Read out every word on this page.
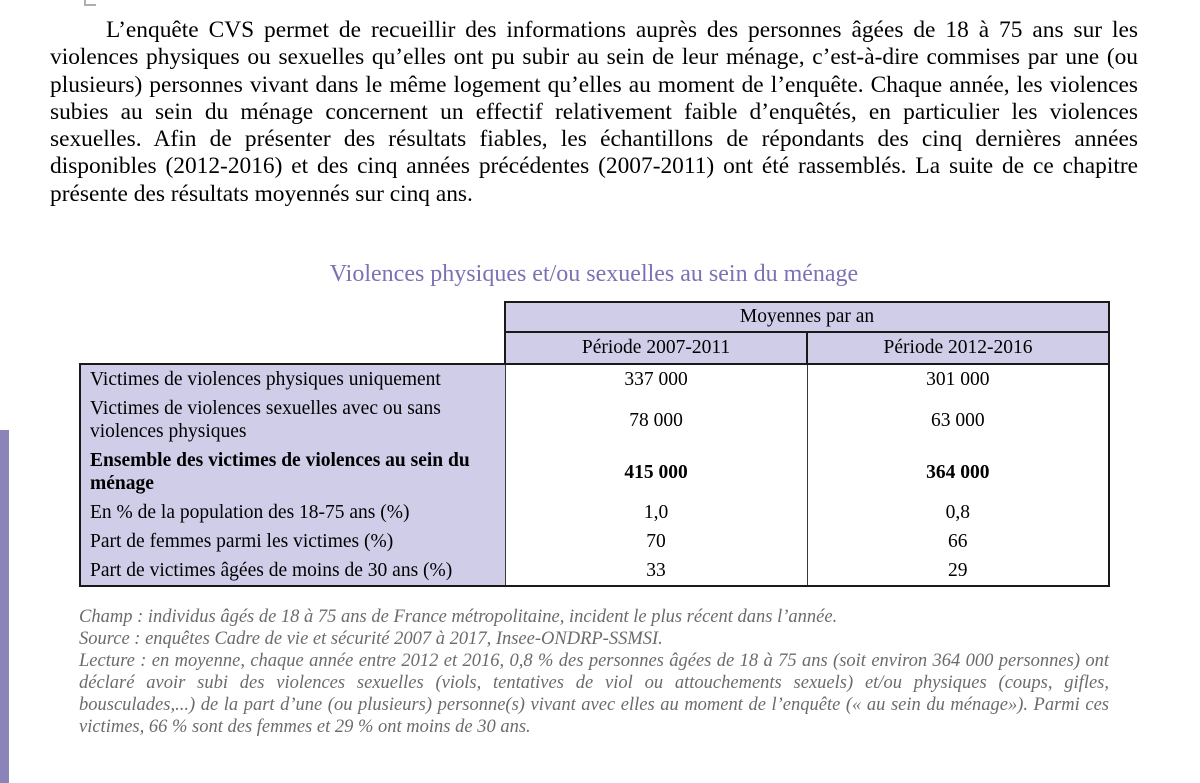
L’enquête CVS permet de recueillir des informations auprès des personnes âgées de 18 à 75 ans sur les violences physiques ou sexuelles qu’elles ont pu subir au sein de leur ménage, c’est-à-dire commises par une (ou plusieurs) personnes vivant dans le même logement qu’elles au moment de l’enquête. Chaque année, les violences subies au sein du ménage concernent un effectif relativement faible d’enquêtés, en particulier les violences sexuelles. Afin de présenter des résultats fiables, les échantillons de répondants des cinq dernières années disponibles (2012-2016) et des cinq années précédentes (2007-2011) ont été rassemblés. La suite de ce chapitre présente des résultats moyennés sur cinq ans.

Violences physiques et/ou sexuelles au sein du ménage
	Moyennes par an	
	Période 2007-2011	Période 2012-2016
Victimes de violences physiques uniquement	337 000	301 000
Victimes de violences sexuelles avec ou sans violences physiques	78 000	63 000
Ensemble des victimes de violences au sein du ménage	415 000	364 000
En % de la population des 18-75 ans (%)	1,0	0,8
Part de femmes parmi les victimes (%)	70	66
Part de victimes âgées de moins de 30 ans (%)	33	29
Champ : individus âgés de 18 à 75 ans de France métropolitaine, incident le plus récent dans l’année.
Source : enquêtes Cadre de vie et sécurité 2007 à 2017, Insee-ONDRP-SSMSI.
Lecture : en moyenne, chaque année entre 2012 et 2016, 0,8 % des personnes âgées de 18 à 75 ans (soit environ 364 000 personnes) ont déclaré avoir subi des violences sexuelles (viols, tentatives de viol ou attouchements sexuels) et/ou physiques (coups, gifles, bousculades,...) de la part d’une (ou plusieurs) personne(s) vivant avec elles au moment de l’enquête (« au sein du ménage»). Parmi ces victimes, 66 % sont des femmes et 29 % ont moins de 30 ans.
